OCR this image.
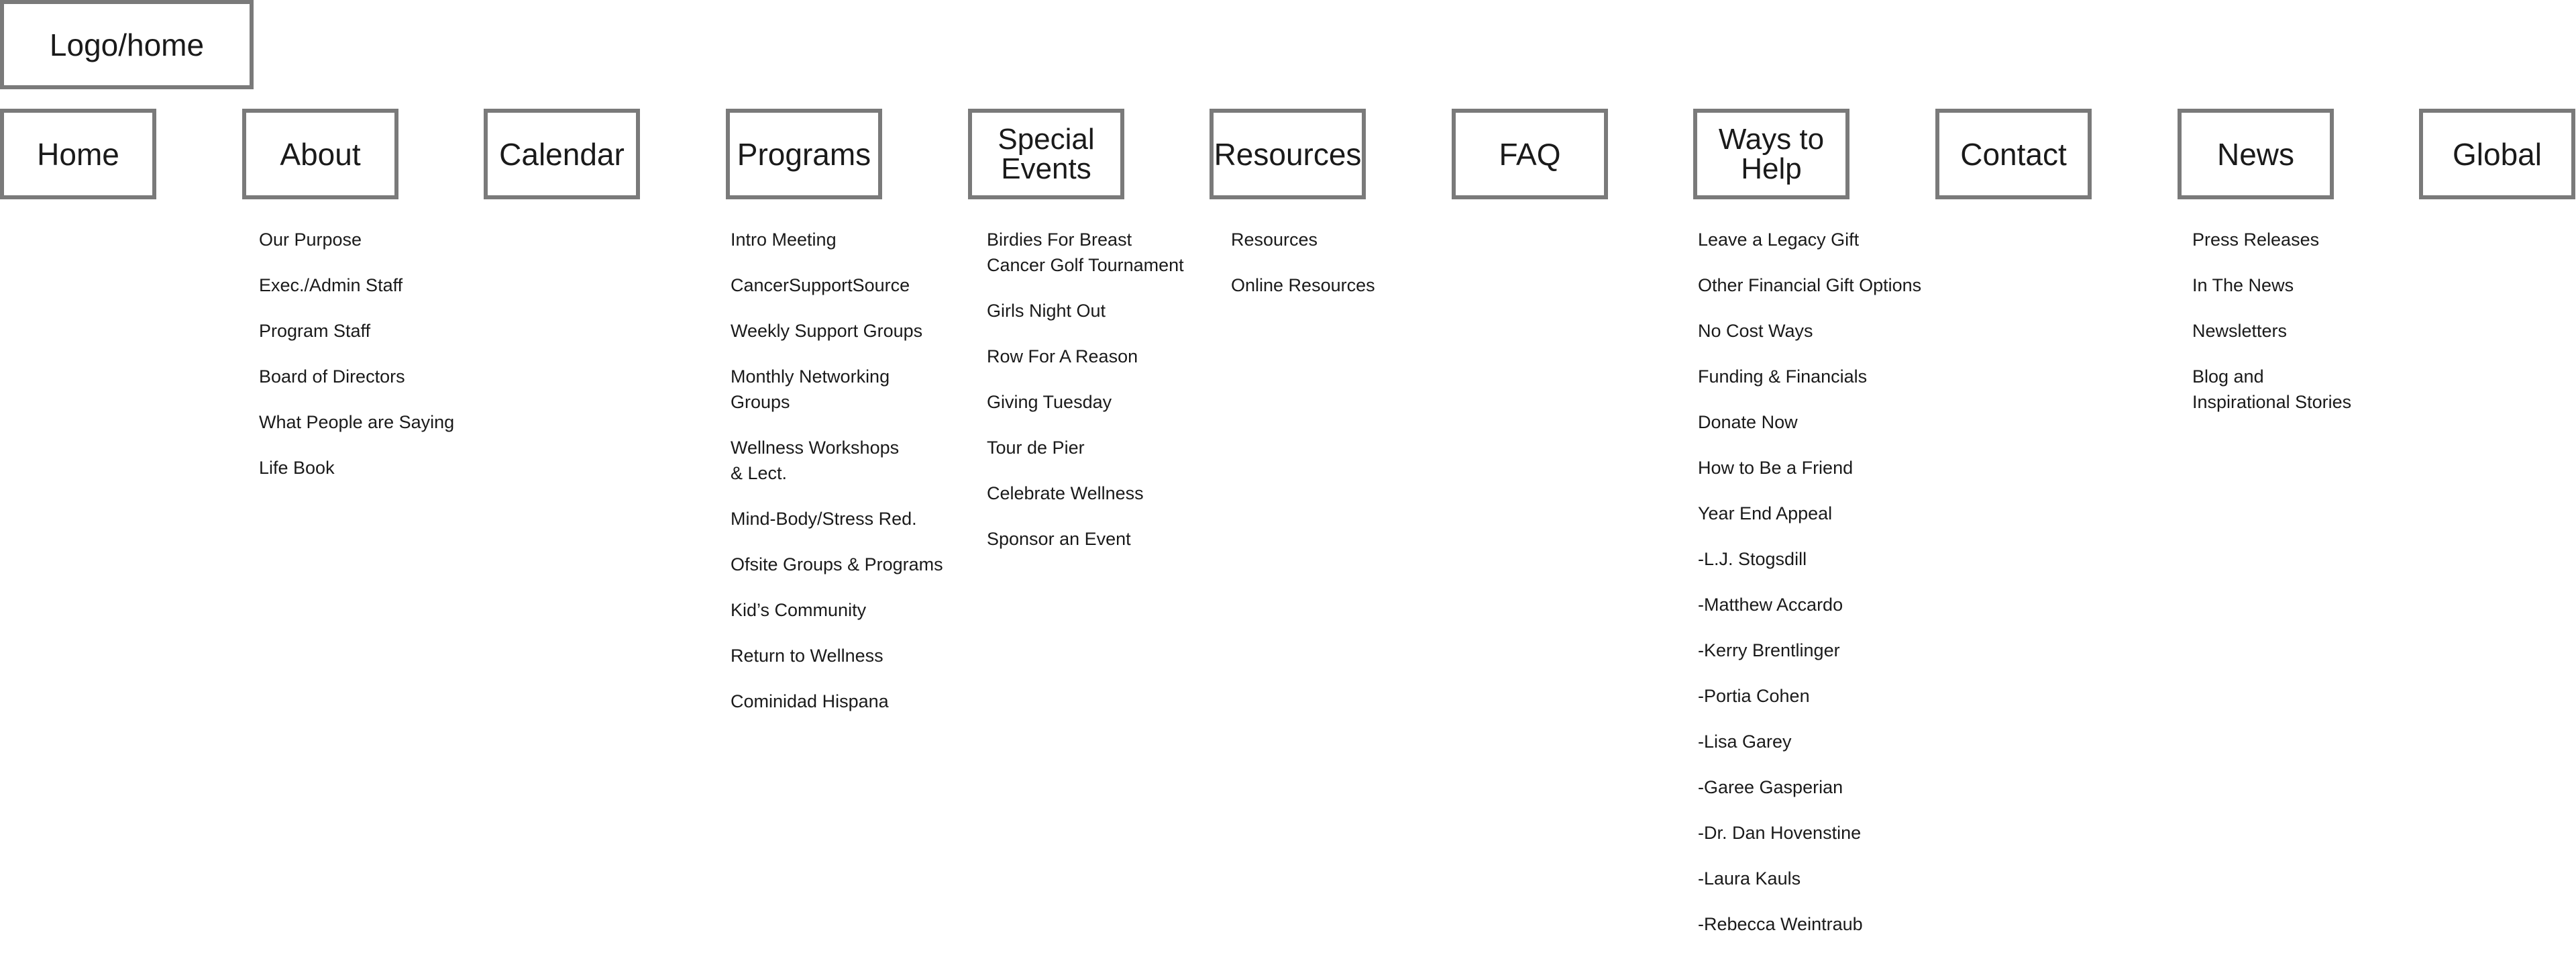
Logo/home
Home	About	Calendar	Programs	Special
Events	Resources	FAQ	Ways to
Help	Contact	News	Global
Our Purpose
Exec./Admin Staff
Program Staff
Board of Directors
What People are Saying
Life Book
Intro Meeting
CancerSupportSource
Weekly Support Groups
Monthly Networking
Groups
Wellness Workshops
& Lect.
Mind-Body/Stress Red.
Ofsite Groups & Programs
Kid’s Community
Return to Wellness
Cominidad Hispana
Birdies For Breast
Cancer Golf Tournament
Girls Night Out
Row For A Reason
Giving Tuesday
Tour de Pier
Celebrate Wellness
Sponsor an Event
Resources
Online Resources
Leave a Legacy Gift
Other Financial Gift Options
No Cost Ways
Funding & Financials
Donate Now
How to Be a Friend
Year End Appeal
-L.J. Stogsdill
-Matthew Accardo
-Kerry Brentlinger
-Portia Cohen
-Lisa Garey
-Garee Gasperian
-Dr. Dan Hovenstine
-Laura Kauls
-Rebecca Weintraub
Press Releases
In The News
Newsletters
Blog and
Inspirational Stories
